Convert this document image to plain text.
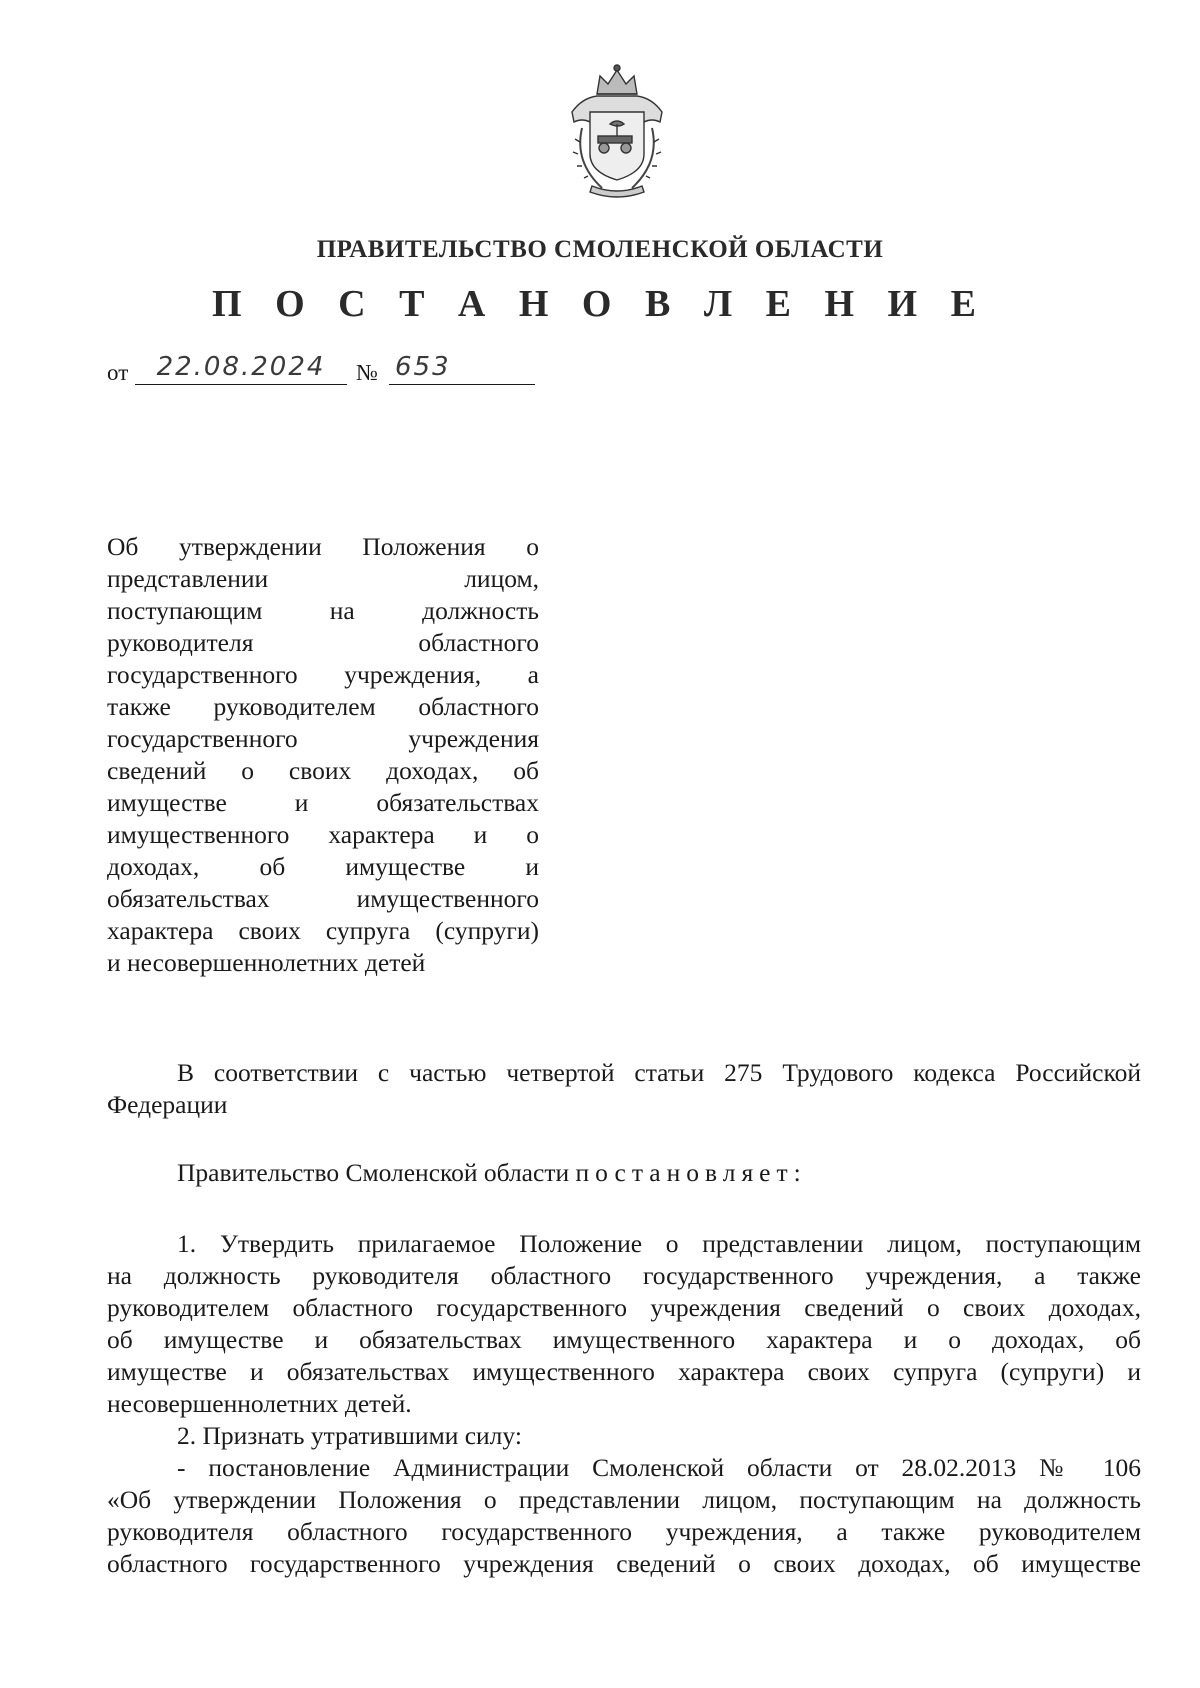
ПРАВИТЕЛЬСТВО СМОЛЕНСКОЙ ОБЛАСТИ
П О С Т А Н О В Л Е Н И Е
от	22.08.2024	№ 653
Об утверждении Положения о
представлении лицом,
поступающим на должность
руководителя областного
государственного учреждения, а
также руководителем областного
государственного учреждения
сведений о своих доходах, об
имуществе и обязательствах
имущественного характера и о
доходах, об имуществе и
обязательствах имущественного
характера своих супруга (супруги)
и несовершеннолетних детей
В соответствии с частью четвертой статьи 275 Трудового кодекса Российской
Федерации
Правительство Смоленской области постановляет:
1. Утвердить прилагаемое Положение о представлении лицом, поступающим
на должность руководителя областного государственного учреждения, а также
руководителем областного государственного учреждения сведений о своих доходах,
об имуществе и обязательствах имущественного характера и о доходах, об
имуществе и обязательствах имущественного характера своих супруга (супруги) и
несовершеннолетних детей.
2. Признать утратившими силу:
- постановление Администрации Смоленской области от 28.02.2013 № 106
«Об утверждении Положения о представлении лицом, поступающим на должность
руководителя областного государственного учреждения, а также руководителем
областного государственного учреждения сведений о своих доходах, об имуществе
